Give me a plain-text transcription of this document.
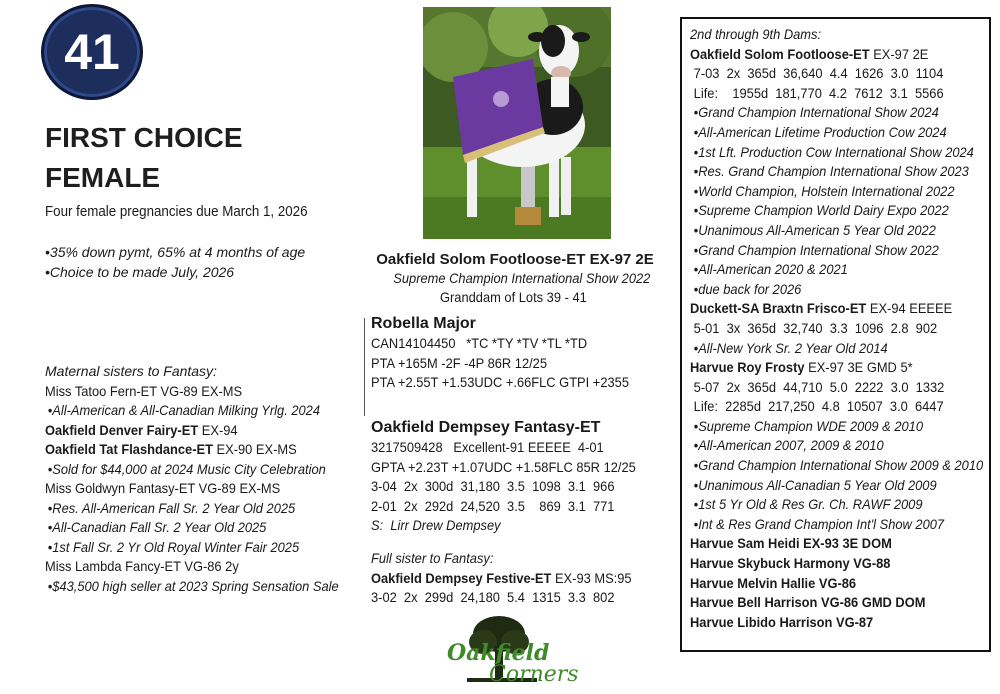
41
FIRST CHOICE
FEMALE
Four female pregnancies due March 1, 2026
•35% down pymt, 65% at 4 months of age
•Choice to be made July, 2026
Maternal sisters to Fantasy:
Miss Tatoo Fern-ET VG-89 EX-MS
•All-American & All-Canadian Milking Yrlg. 2024
Oakfield Denver Fairy-ET EX-94
Oakfield Tat Flashdance-ET EX-90 EX-MS
•Sold for $44,000 at 2024 Music City Celebration
Miss Goldwyn Fantasy-ET VG-89 EX-MS
•Res. All-American Fall Sr. 2 Year Old 2025
•All-Canadian Fall Sr. 2 Year Old 2025
•1st Fall Sr. 2 Yr Old Royal Winter Fair 2025
Miss Lambda Fancy-ET VG-86 2y
•$43,500 high seller at 2023 Spring Sensation Sale
Oakfield Solom Footloose-ET EX-97 2E
Supreme Champion International Show 2022
Granddam of Lots 39 - 41
Robella Major
CAN14104450   *TC *TY *TV *TL *TD
PTA +165M -2F -4P 86R 12/25
PTA +2.55T +1.53UDC +.66FLC GTPI +2355
Oakfield Dempsey Fantasy-ET
3217509428   Excellent-91 EEEEE  4-01
GPTA +2.23T +1.07UDC +1.58FLC 85R 12/25
3-04  2x  300d  31,180  3.5  1098  3.1  966
2-01  2x  292d  24,520  3.5    869  3.1  771
S:  Lirr Drew Dempsey
Full sister to Fantasy:
Oakfield Dempsey Festive-ET EX-93 MS:95
3-02  2x  299d  24,180  5.4  1315  3.3  802
Oakfield
Corners
2nd through 9th Dams:
Oakfield Solom Footloose-ET EX-97 2E
7-03  2x  365d  36,640  4.4  1626  3.0  1104
Life:    1955d  181,770  4.2  7612  3.1  5566
•Grand Champion International Show 2024
•All-American Lifetime Production Cow 2024
•1st Lft. Production Cow International Show 2024
•Res. Grand Champion International Show 2023
•World Champion, Holstein International 2022
•Supreme Champion World Dairy Expo 2022
•Unanimous All-American 5 Year Old 2022
•Grand Champion International Show 2022
•All-American 2020 & 2021
•due back for 2026
Duckett-SA Braxtn Frisco-ET EX-94 EEEEE
5-01  3x  365d  32,740  3.3  1096  2.8  902
•All-New York Sr. 2 Year Old 2014
Harvue Roy Frosty EX-97 3E GMD 5*
5-07  2x  365d  44,710  5.0  2222  3.0  1332
Life:  2285d  217,250  4.8  10507  3.0  6447
•Supreme Champion WDE 2009 & 2010
•All-American 2007, 2009 & 2010
•Grand Champion International Show 2009 & 2010
•Unanimous All-Canadian 5 Year Old 2009
•1st 5 Yr Old & Res Gr. Ch. RAWF 2009
•Int & Res Grand Champion Int'l Show 2007
Harvue Sam Heidi EX-93 3E DOM
Harvue Skybuck Harmony VG-88
Harvue Melvin Hallie VG-86
Harvue Bell Harrison VG-86 GMD DOM
Harvue Libido Harrison VG-87
